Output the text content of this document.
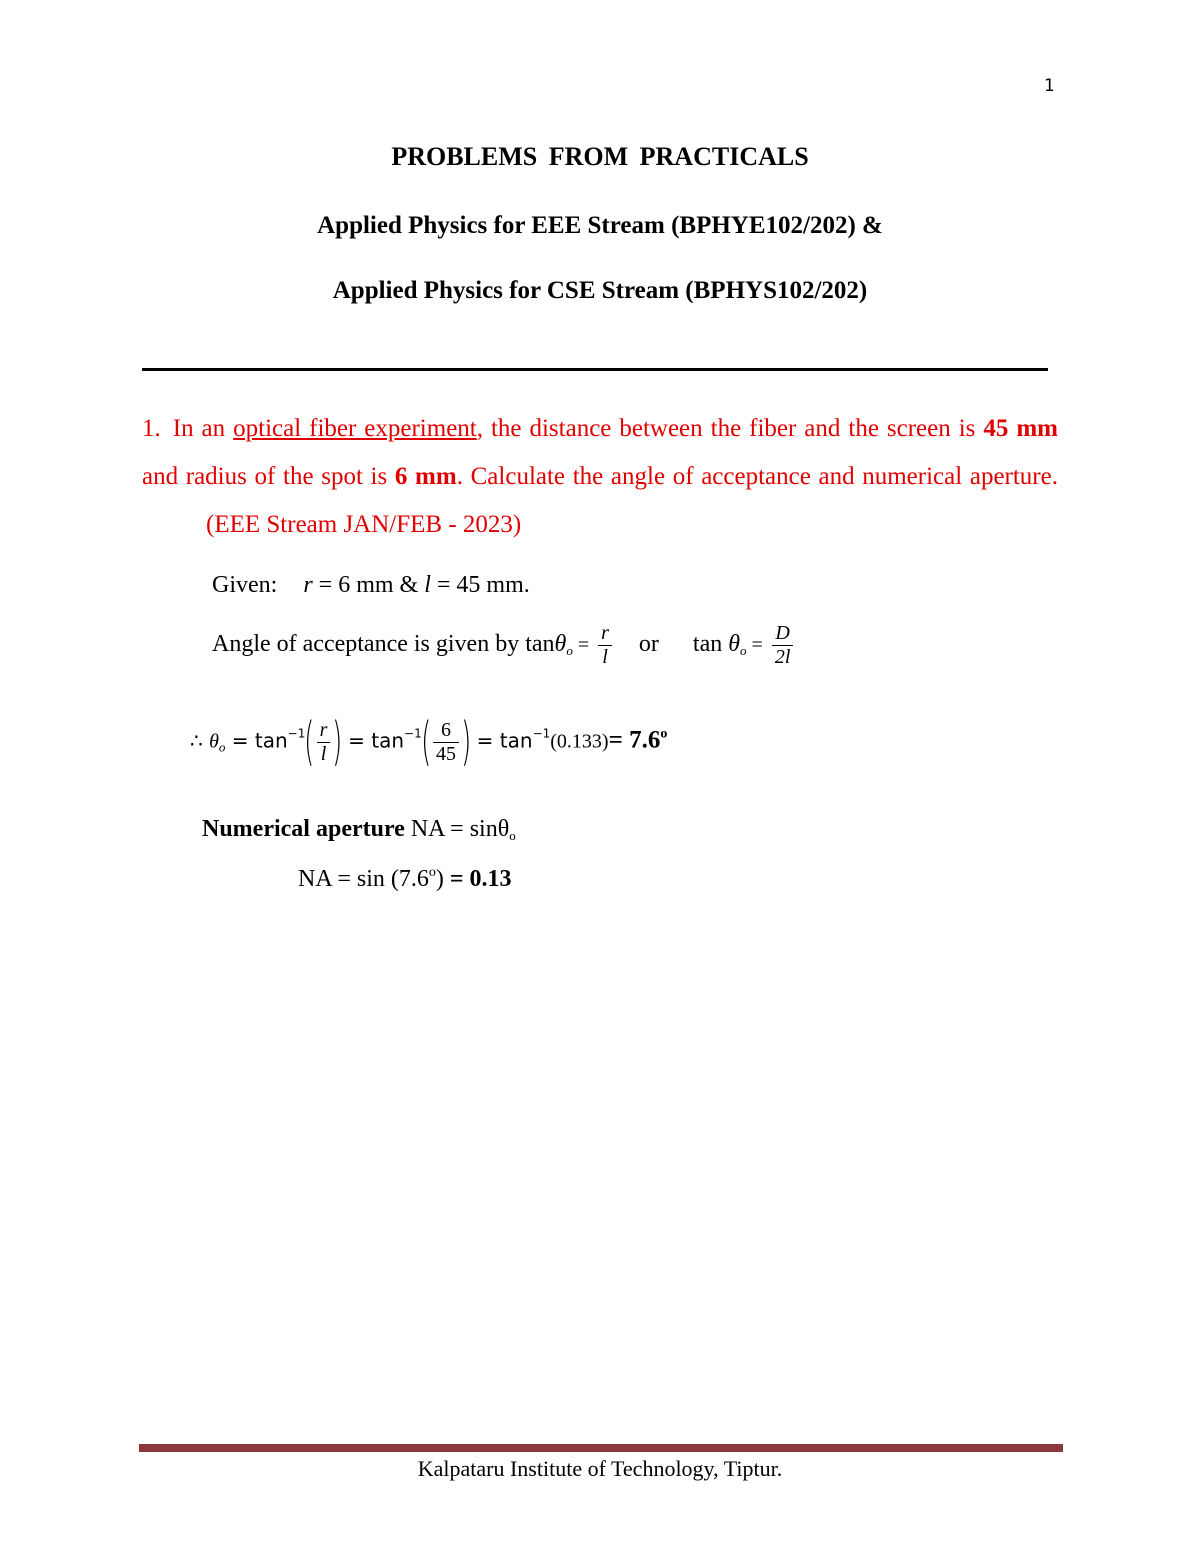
1
PROBLEMS FROM PRACTICALS
Applied Physics for EEE Stream (BPHYE102/202) &
Applied Physics for CSE Stream (BPHYS102/202)
1. In an optical fiber experiment, the distance between the fiber and the screen is 45 mm and radius of the spot is 6 mm. Calculate the angle of acceptance and numerical aperture.(EEE Stream JAN/FEB - 2023)
Given: r = 6 mm & l = 45 mm.
Angle of acceptance is given by $\tan\theta o = \frac{r}{l}$ or $\tan \theta o = \frac{D}{2l}$
∴ $\theta_o = \tan^{-1}( \frac{r}{l}$ ) = $\tan^{-1}( \frac{6}{45}$ ) = $\tan^{-1}(0.133)= 7.6^o$
Numerical aperture NA = sinθo
NA = $\sin (7.6^o) = 0.13$
Kalpataru Institute of Technology, Tiptur.
